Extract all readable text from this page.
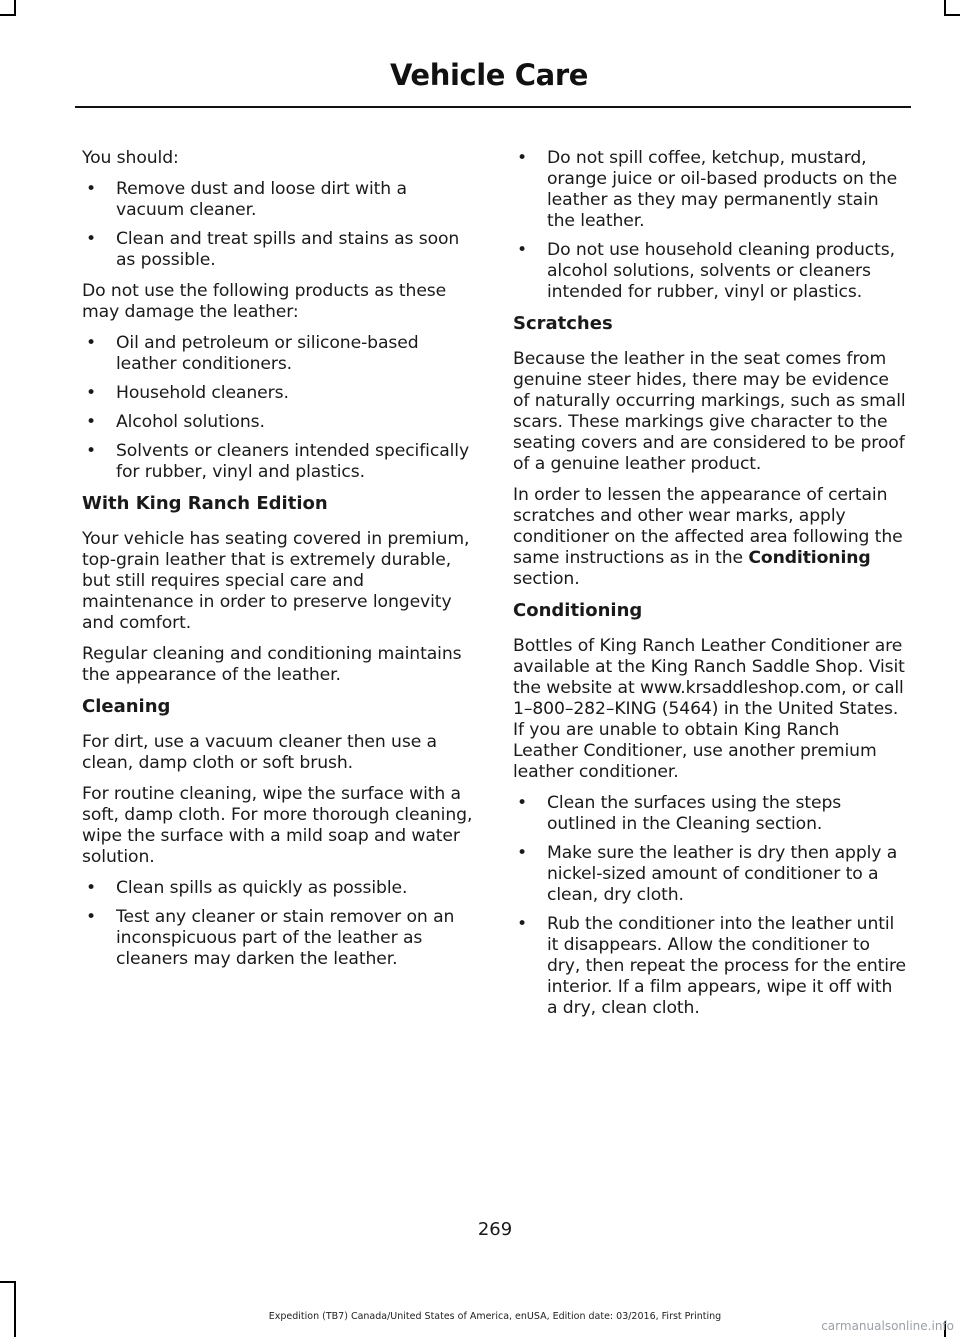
Vehicle Care

You should:

• Remove dust and loose dirt with a vacuum cleaner.
• Clean and treat spills and stains as soon as possible.

Do not use the following products as these may damage the leather:

• Oil and petroleum or silicone-based leather conditioners.
• Household cleaners.
• Alcohol solutions.
• Solvents or cleaners intended specifically for rubber, vinyl and plastics.
With King Ranch Edition

Your vehicle has seating covered in premium, top-grain leather that is extremely durable, but still requires special care and maintenance in order to preserve longevity and comfort.

Regular cleaning and conditioning maintains the appearance of the leather.

Cleaning

For dirt, use a vacuum cleaner then use a clean, damp cloth or soft brush.

For routine cleaning, wipe the surface with a soft, damp cloth. For more thorough cleaning, wipe the surface with a mild soap and water solution.

• Clean spills as quickly as possible.
• Test any cleaner or stain remover on an inconspicuous part of the leather as cleaners may darken the leather.
• Do not spill coffee, ketchup, mustard, orange juice or oil-based products on the leather as they may permanently stain the leather.
• Do not use household cleaning products, alcohol solutions, solvents or cleaners intended for rubber, vinyl or plastics.
Scratches

Because the leather in the seat comes from genuine steer hides, there may be evidence of naturally occurring markings, such as small scars. These markings give character to the seating covers and are considered to be proof of a genuine leather product.

In order to lessen the appearance of certain scratches and other wear marks, apply conditioner on the affected area following the same instructions as in the Conditioning section.

Conditioning

Bottles of King Ranch Leather Conditioner are available at the King Ranch Saddle Shop. Visit the website at www.krsaddleshop.com, or call 1–800–282–KING (5464) in the United States. If you are unable to obtain King Ranch Leather Conditioner, use another premium leather conditioner.

• Clean the surfaces using the steps outlined in the Cleaning section.
• Make sure the leather is dry then apply a nickel-sized amount of conditioner to a clean, dry cloth.
• Rub the conditioner into the leather until it disappears. Allow the conditioner to dry, then repeat the process for the entire interior. If a film appears, wipe it off with a dry, clean cloth.
269
Expedition (TB7) Canada/United States of America, enUSA, Edition date: 03/2016, First Printing
carmanualsonline.info
